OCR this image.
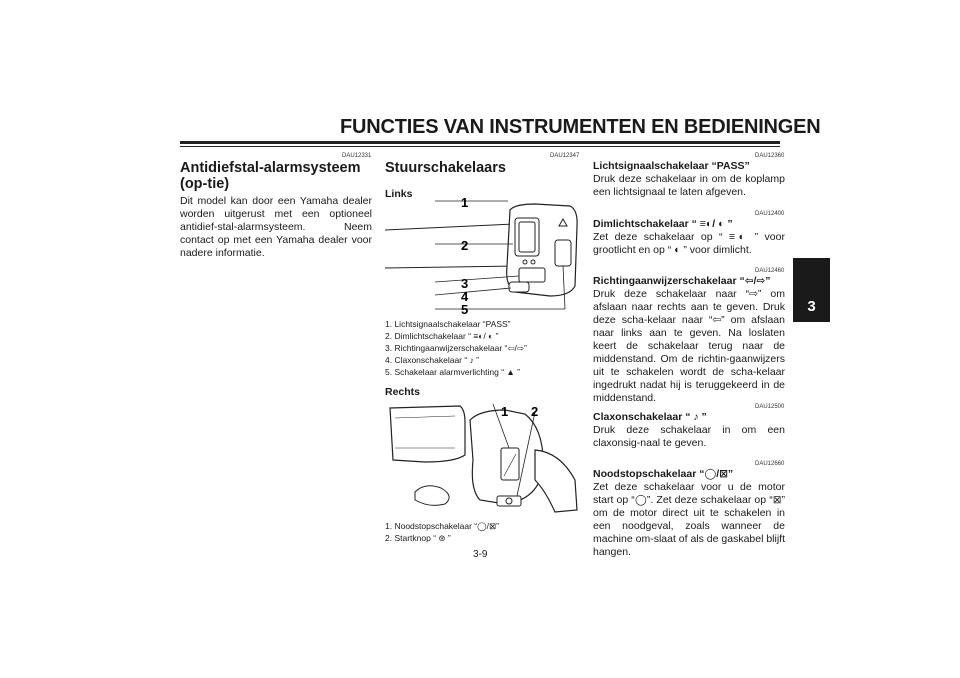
FUNCTIES VAN INSTRUMENTEN EN BEDIENINGEN
3
DAU12331
Antidiefstal-alarmsysteem (op-tie)
Dit model kan door een Yamaha dealer worden uitgerust met een optioneel antidief-stal-alarmsysteem. Neem contact op met een Yamaha dealer voor nadere informatie.
DAU12347
Stuurschakelaars
Links
1
2
3
4
5
1. Lichtsignaalschakelaar “PASS”
2. Dimlichtschakelaar “ ≡◐/ ◐ ”
3. Richtingaanwijzerschakelaar “⇦/⇨”
4. Claxonschakelaar “ ♪ ”
5. Schakelaar alarmverlichting “ ▲ ”
Rechts
1 2
1. Noodstopschakelaar “◯/⊠”
2. Startknop “ ⊛ ”
DAU12360
Lichtsignaalschakelaar “PASS”
Druk deze schakelaar in om de koplamp een lichtsignaal te laten afgeven.
DAU12400
Dimlichtschakelaar “ ≡◐/ ◐ ”
Zet deze schakelaar op “ ≡◐ ” voor grootlicht en op “ ◐ ” voor dimlicht.
DAU12460
Richtingaanwijzerschakelaar “⇦/⇨”
Druk deze schakelaar naar “⇨” om afslaan naar rechts aan te geven. Druk deze scha-kelaar naar “⇦” om afslaan naar links aan te geven. Na loslaten keert de schakelaar terug naar de middenstand. Om de richtin-gaanwijzers uit te schakelen wordt de scha-kelaar ingedrukt nadat hij is teruggekeerd in de middenstand.
DAU12500
Claxonschakelaar “ ♪ ”
Druk deze schakelaar in om een claxonsig-naal te geven.
DAU12660
Noodstopschakelaar “◯/⊠”
Zet deze schakelaar voor u de motor start op “◯”. Zet deze schakelaar op “⊠” om de motor direct uit te schakelen in een noodgeval, zoals wanneer de machine om-slaat of als de gaskabel blijft hangen.
3-9
